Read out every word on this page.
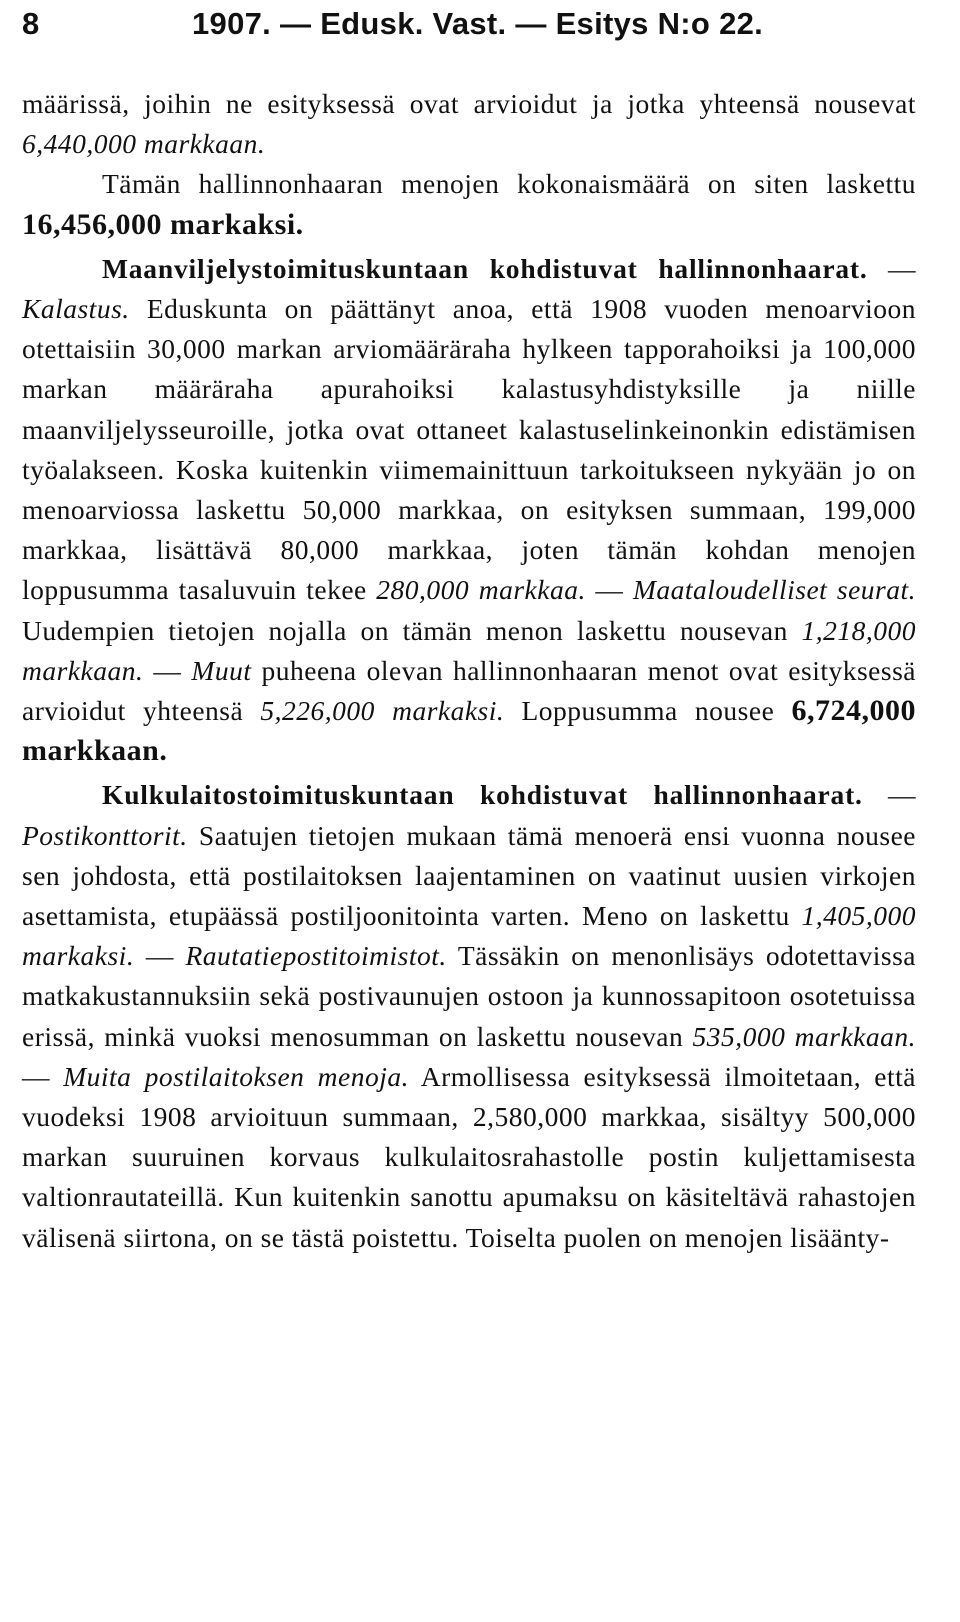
8	1907. — Edusk. Vast. — Esitys N:o 22.

määrissä, joihin ne esityksessä ovat arvioidut ja jotka yhteensä nousevat 6,440,000 markkaan.

Tämän hallinnonhaaran menojen kokonaismäärä on siten laskettu 16,456,000 markaksi.

Maanviljelystoimituskuntaan kohdistuvat hallinnonhaarat. — Kalastus. Eduskunta on päättänyt anoa, että 1908 vuoden menoarvioon otettaisiin 30,000 markan arviomääräraha hylkeen tapporahoiksi ja 100,000 markan määräraha apurahoiksi kalastusyhdistyksille ja niille maanviljelysseuroille, jotka ovat ottaneet kalastuselinkeinonkin edistämisen työalakseen. Koska kuitenkin viimemainittuun tarkoitukseen nykyään jo on menoarviossa laskettu 50,000 markkaa, on esityksen summaan, 199,000 markkaa, lisättävä 80,000 markkaa, joten tämän kohdan menojen loppusumma tasaluvuin tekee 280,000 markkaa. — Maataloudelliset seurat. Uudempien tietojen nojalla on tämän menon laskettu nousevan 1,218,000 markkaan. — Muut puheena olevan hallinnonhaaran menot ovat esityksessä arvioidut yhteensä 5,226,000 markaksi. Loppusumma nousee 6,724,000 markkaan.

Kulkulaitostoimituskuntaan kohdistuvat hallinnonhaarat. — Postikonttorit. Saatujen tietojen mukaan tämä menoerä ensi vuonna nousee sen johdosta, että postilaitoksen laajentaminen on vaatinut uusien virkojen asettamista, etupäässä postiljoonitointa varten. Meno on laskettu 1,405,000 markaksi. — Rautatiepostitoimistot. Tässäkin on menonlisäys odotettavissa matkakustannuksiin sekä postivaunujen ostoon ja kunnossapitoon osotetuissa erissä, minkä vuoksi menosumman on laskettu nousevan 535,000 markkaan. — Muita postilaitoksen menoja. Armollisessa esityksessä ilmoitetaan, että vuodeksi 1908 arvioituun summaan, 2,580,000 markkaa, sisältyy 500,000 markan suuruinen korvaus kulkulaitosrahastolle postin kuljettamisesta valtionrautateillä. Kun kuitenkin sanottu apumaksu on käsiteltävä rahastojen välisenä siirtona, on se tästä poistettu. Toiselta puolen on menojen lisäänty-
